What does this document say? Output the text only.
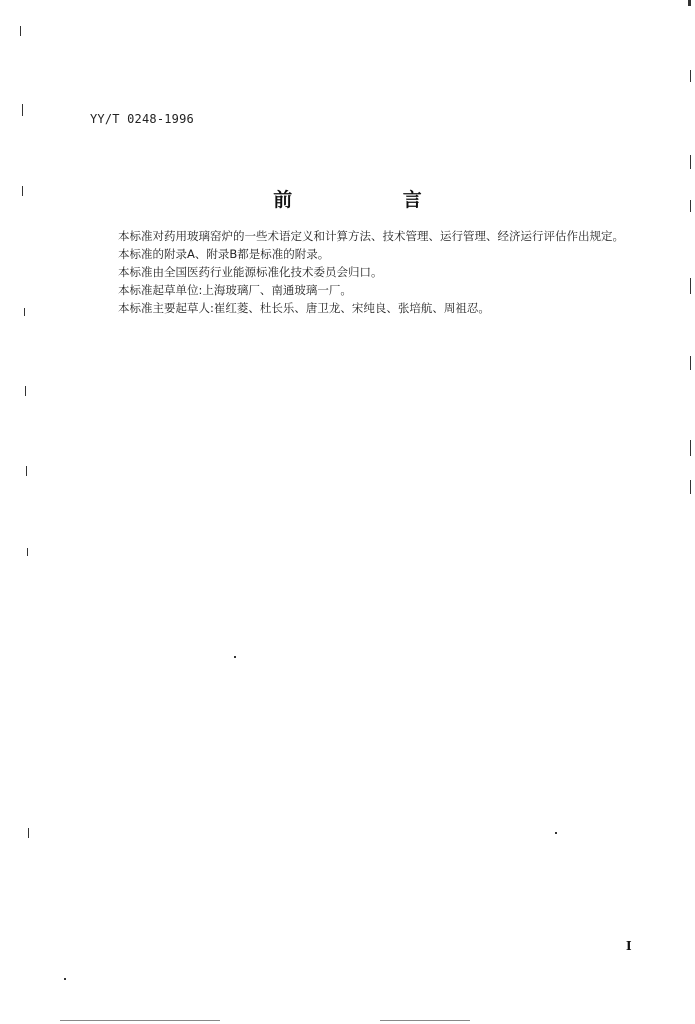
YY/T 0248-1996
前 言

本标准对药用玻璃窑炉的一些术语定义和计算方法、技术管理、运行管理、经济运行评估作出规定。

本标准的附录A、附录B都是标准的附录。

本标准由全国医药行业能源标准化技术委员会归口。

本标准起草单位:上海玻璃厂、南通玻璃一厂。

本标准主要起草人:崔红菱、杜长乐、唐卫龙、宋纯良、张培航、周祖忍。

I
